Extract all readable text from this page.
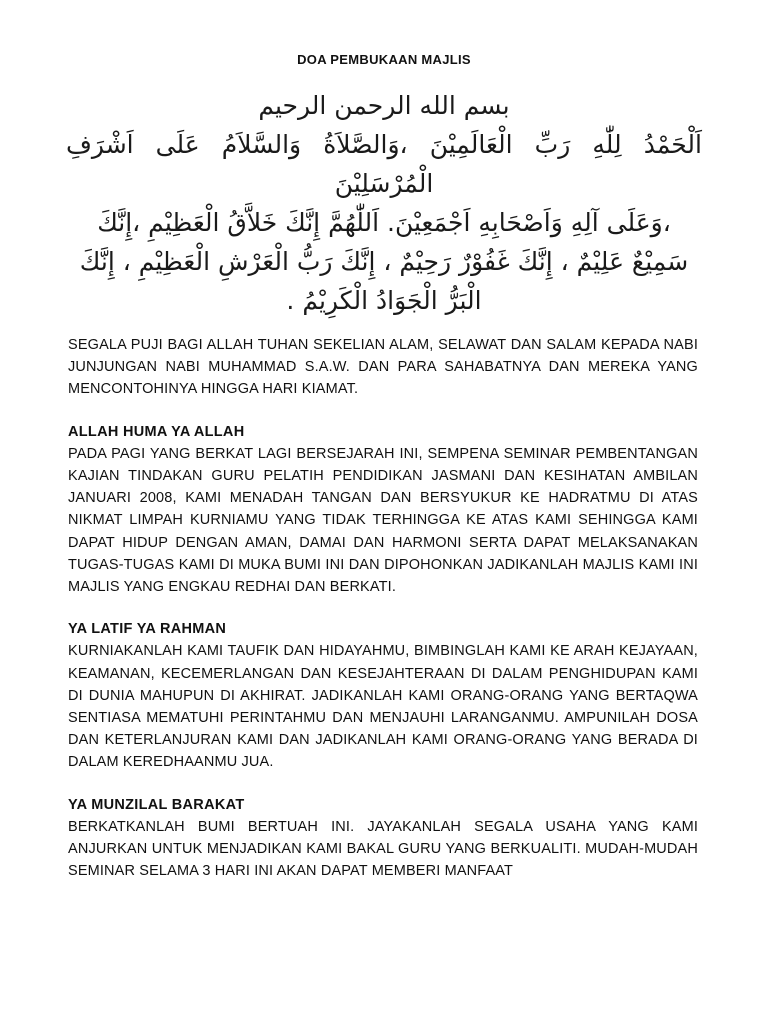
DOA PEMBUKAAN MAJLIS
بسم الله الرحمن الرحيم
اَلْحَمْدُ لِلّٰهِ رَبِّ الْعَالَمِيْنَ ،وَالصَّلاَةُ وَالسَّلاَمُ عَلَى اَشْرَفِ الْمُرْسَلِيْنَ
،وَعَلَى آلِهِ وَاَصْحَابِهِ اَجْمَعِيْنَ. اَللّٰهُمَّ إِنَّكَ خَلاَّقُ الْعَظِيْمِ ،إِنَّكَ
سَمِيْعٌ عَلِيْمٌ ، إِنَّكَ غَفُوْرٌ رَحِيْمٌ ، إِنَّكَ رَبُّ الْعَرْشِ الْعَظِيْمِ ، إِنَّكَ
الْبَرُّ الْجَوَادُ الْكَرِيْمُ .

SEGALA PUJI BAGI ALLAH TUHAN SEKELIAN ALAM, SELAWAT DAN SALAM KEPADA NABI JUNJUNGAN NABI MUHAMMAD S.A.W. DAN PARA SAHABATNYA DAN MEREKA YANG MENCONTOHINYA HINGGA HARI KIAMAT.

ALLAH HUMA YA ALLAH

PADA PAGI YANG BERKAT LAGI BERSEJARAH INI, SEMPENA SEMINAR PEMBENTANGAN KAJIAN TINDAKAN GURU PELATIH PENDIDIKAN JASMANI DAN KESIHATAN AMBILAN JANUARI 2008, KAMI MENADAH TANGAN DAN BERSYUKUR KE HADRATMU DI ATAS NIKMAT LIMPAH KURNIAMU YANG TIDAK TERHINGGA KE ATAS KAMI SEHINGGA KAMI DAPAT HIDUP DENGAN AMAN, DAMAI DAN HARMONI SERTA DAPAT MELAKSANAKAN TUGAS-TUGAS KAMI DI MUKA BUMI INI DAN DIPOHONKAN JADIKANLAH MAJLIS KAMI INI MAJLIS YANG ENGKAU REDHAI DAN BERKATI.

YA LATIF YA RAHMAN

KURNIAKANLAH KAMI TAUFIK DAN HIDAYAHMU, BIMBINGLAH KAMI KE ARAH KEJAYAAN, KEAMANAN, KECEMERLANGAN DAN KESEJAHTERAAN DI DALAM PENGHIDUPAN KAMI DI DUNIA MAHUPUN DI AKHIRAT. JADIKANLAH KAMI ORANG-ORANG YANG BERTAQWA SENTIASA MEMATUHI PERINTAHMU DAN MENJAUHI LARANGANMU. AMPUNILAH DOSA DAN KETERLANJURAN KAMI DAN JADIKANLAH KAMI ORANG-ORANG YANG BERADA DI DALAM KEREDHAANMU JUA.

YA MUNZILAL BARAKAT

BERKATKANLAH BUMI BERTUAH INI. JAYAKANLAH SEGALA USAHA YANG KAMI ANJURKAN UNTUK MENJADIKAN KAMI BAKAL GURU YANG BERKUALITI. MUDAH-MUDAH SEMINAR SELAMA 3 HARI INI AKAN DAPAT MEMBERI MANFAAT
